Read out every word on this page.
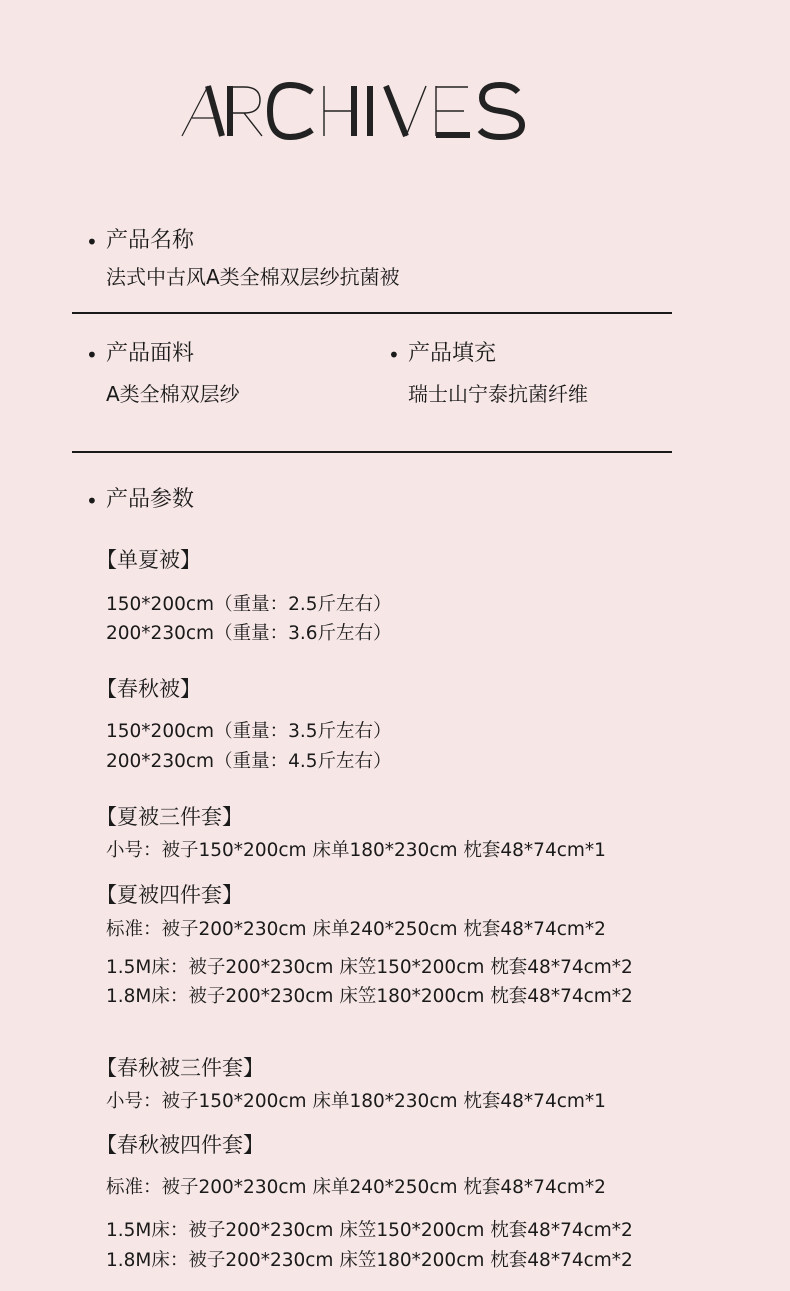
• 产品名称
法式中古风A类全棉双层纱抗菌被
• 产品面料
A类全棉双层纱
• 产品填充
瑞士山宁泰抗菌纤维
• 产品参数
【单夏被】
150*200cm（重量：2.5斤左右）
200*230cm（重量：3.6斤左右）
【春秋被】
150*200cm（重量：3.5斤左右）
200*230cm（重量：4.5斤左右）
【夏被三件套】
小号：被子150*200cm 床单180*230cm 枕套48*74cm*1
【夏被四件套】
标准：被子200*230cm 床单240*250cm 枕套48*74cm*2
1.5M床：被子200*230cm 床笠150*200cm 枕套48*74cm*2
1.8M床：被子200*230cm 床笠180*200cm 枕套48*74cm*2
【春秋被三件套】
小号：被子150*200cm 床单180*230cm 枕套48*74cm*1
【春秋被四件套】
标准：被子200*230cm 床单240*250cm 枕套48*74cm*2
1.5M床：被子200*230cm 床笠150*200cm 枕套48*74cm*2
1.8M床：被子200*230cm 床笠180*200cm 枕套48*74cm*2
